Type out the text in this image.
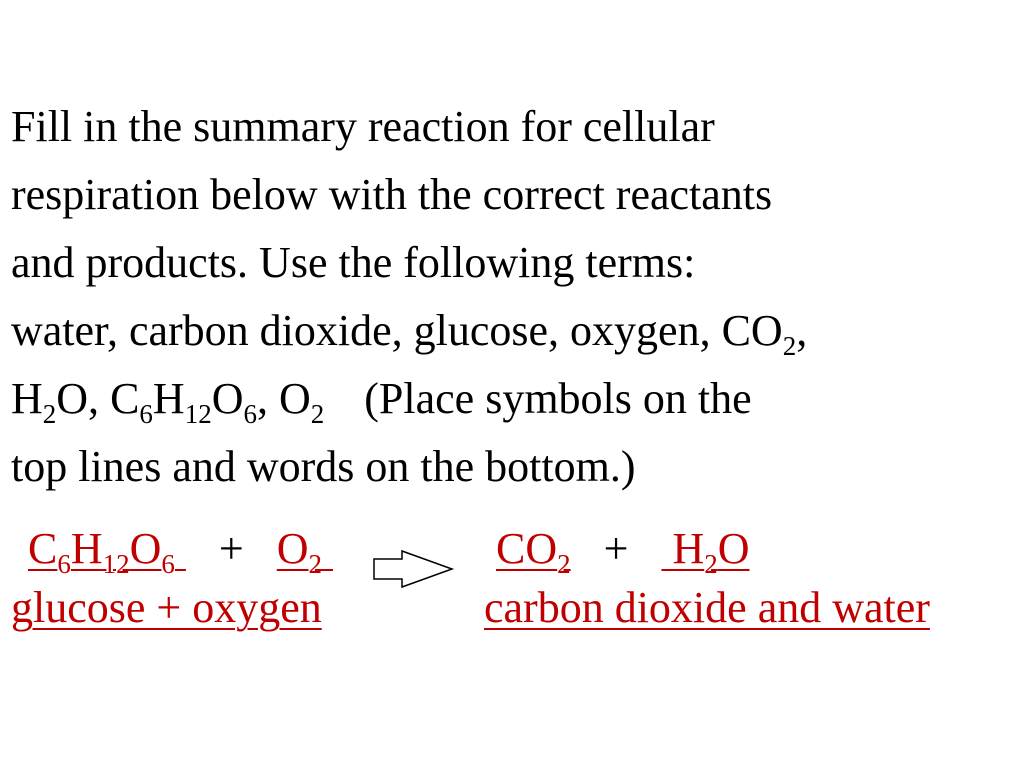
Fill in the summary reaction for cellular
respiration below with the correct reactants
and products. Use the following terms:
water, carbon dioxide, glucose, oxygen, $CO_2$,
$H_2O$, $C_6H_{12}O_6$, $O_2$ (Place symbols on the
top lines and words on the bottom.)
$C_6H_{12}O_6 + O_2$	$CO_2 + H_2O$
glucose + oxygen	carbon dioxide and water
